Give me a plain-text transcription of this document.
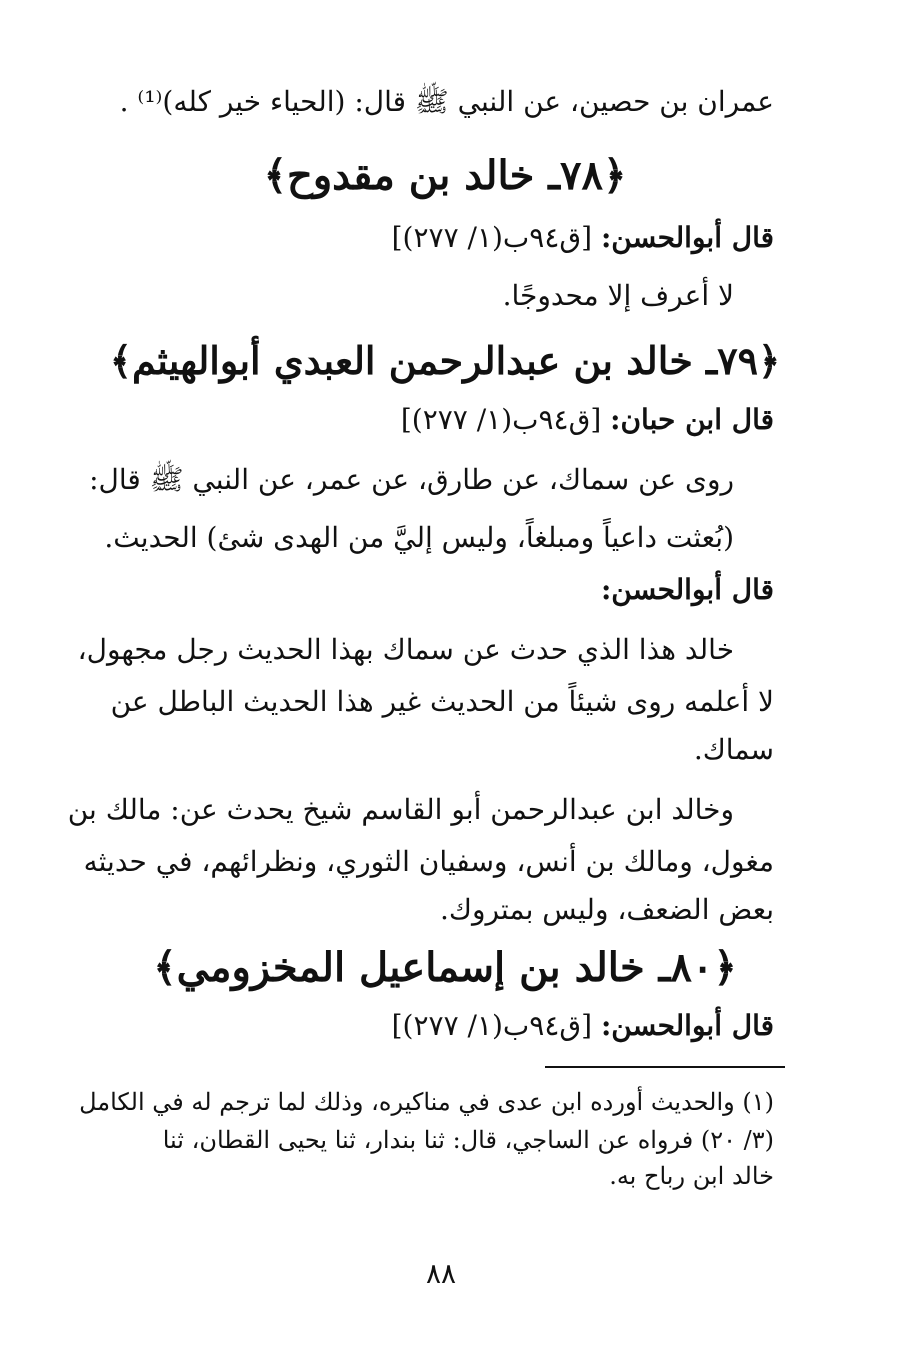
عمران بن حصين، عن النبي ﷺ قال: (الحياء خير كله)⁽¹⁾ .
﴿٧٨ـ خالد بن مقدوح﴾
قال أبوالحسن: [ق٩٤ب(١/ ٢٧٧)]
لا أعرف إلا محدوجًا.
﴿٧٩ـ خالد بن عبدالرحمن العبدي أبوالهيثم﴾
قال ابن حبان: [ق٩٤ب(١/ ٢٧٧)]
روى عن سماك، عن طارق، عن عمر، عن النبي ﷺ قال:
(بُعثت داعياً ومبلغاً، وليس إليَّ من الهدى شئ) الحديث.
قال أبوالحسن:
خالد هذا الذي حدث عن سماك بهذا الحديث رجل مجهول،
لا أعلمه روى شيئاً من الحديث غير هذا الحديث الباطل عن
سماك.
وخالد ابن عبدالرحمن أبو القاسم شيخ يحدث عن: مالك بن
مغول، ومالك بن أنس، وسفيان الثوري، ونظرائهم، في حديثه
بعض الضعف، وليس بمتروك.
﴿٨٠ـ خالد بن إسماعيل المخزومي﴾
قال أبوالحسن: [ق٩٤ب(١/ ٢٧٧)]
(١) والحديث أورده ابن عدى في مناكيره، وذلك لما ترجم له في الكامل
(٣/ ٢٠) فرواه عن الساجي، قال: ثنا بندار، ثنا يحيى القطان، ثنا
خالد ابن رباح به.
٨٨
